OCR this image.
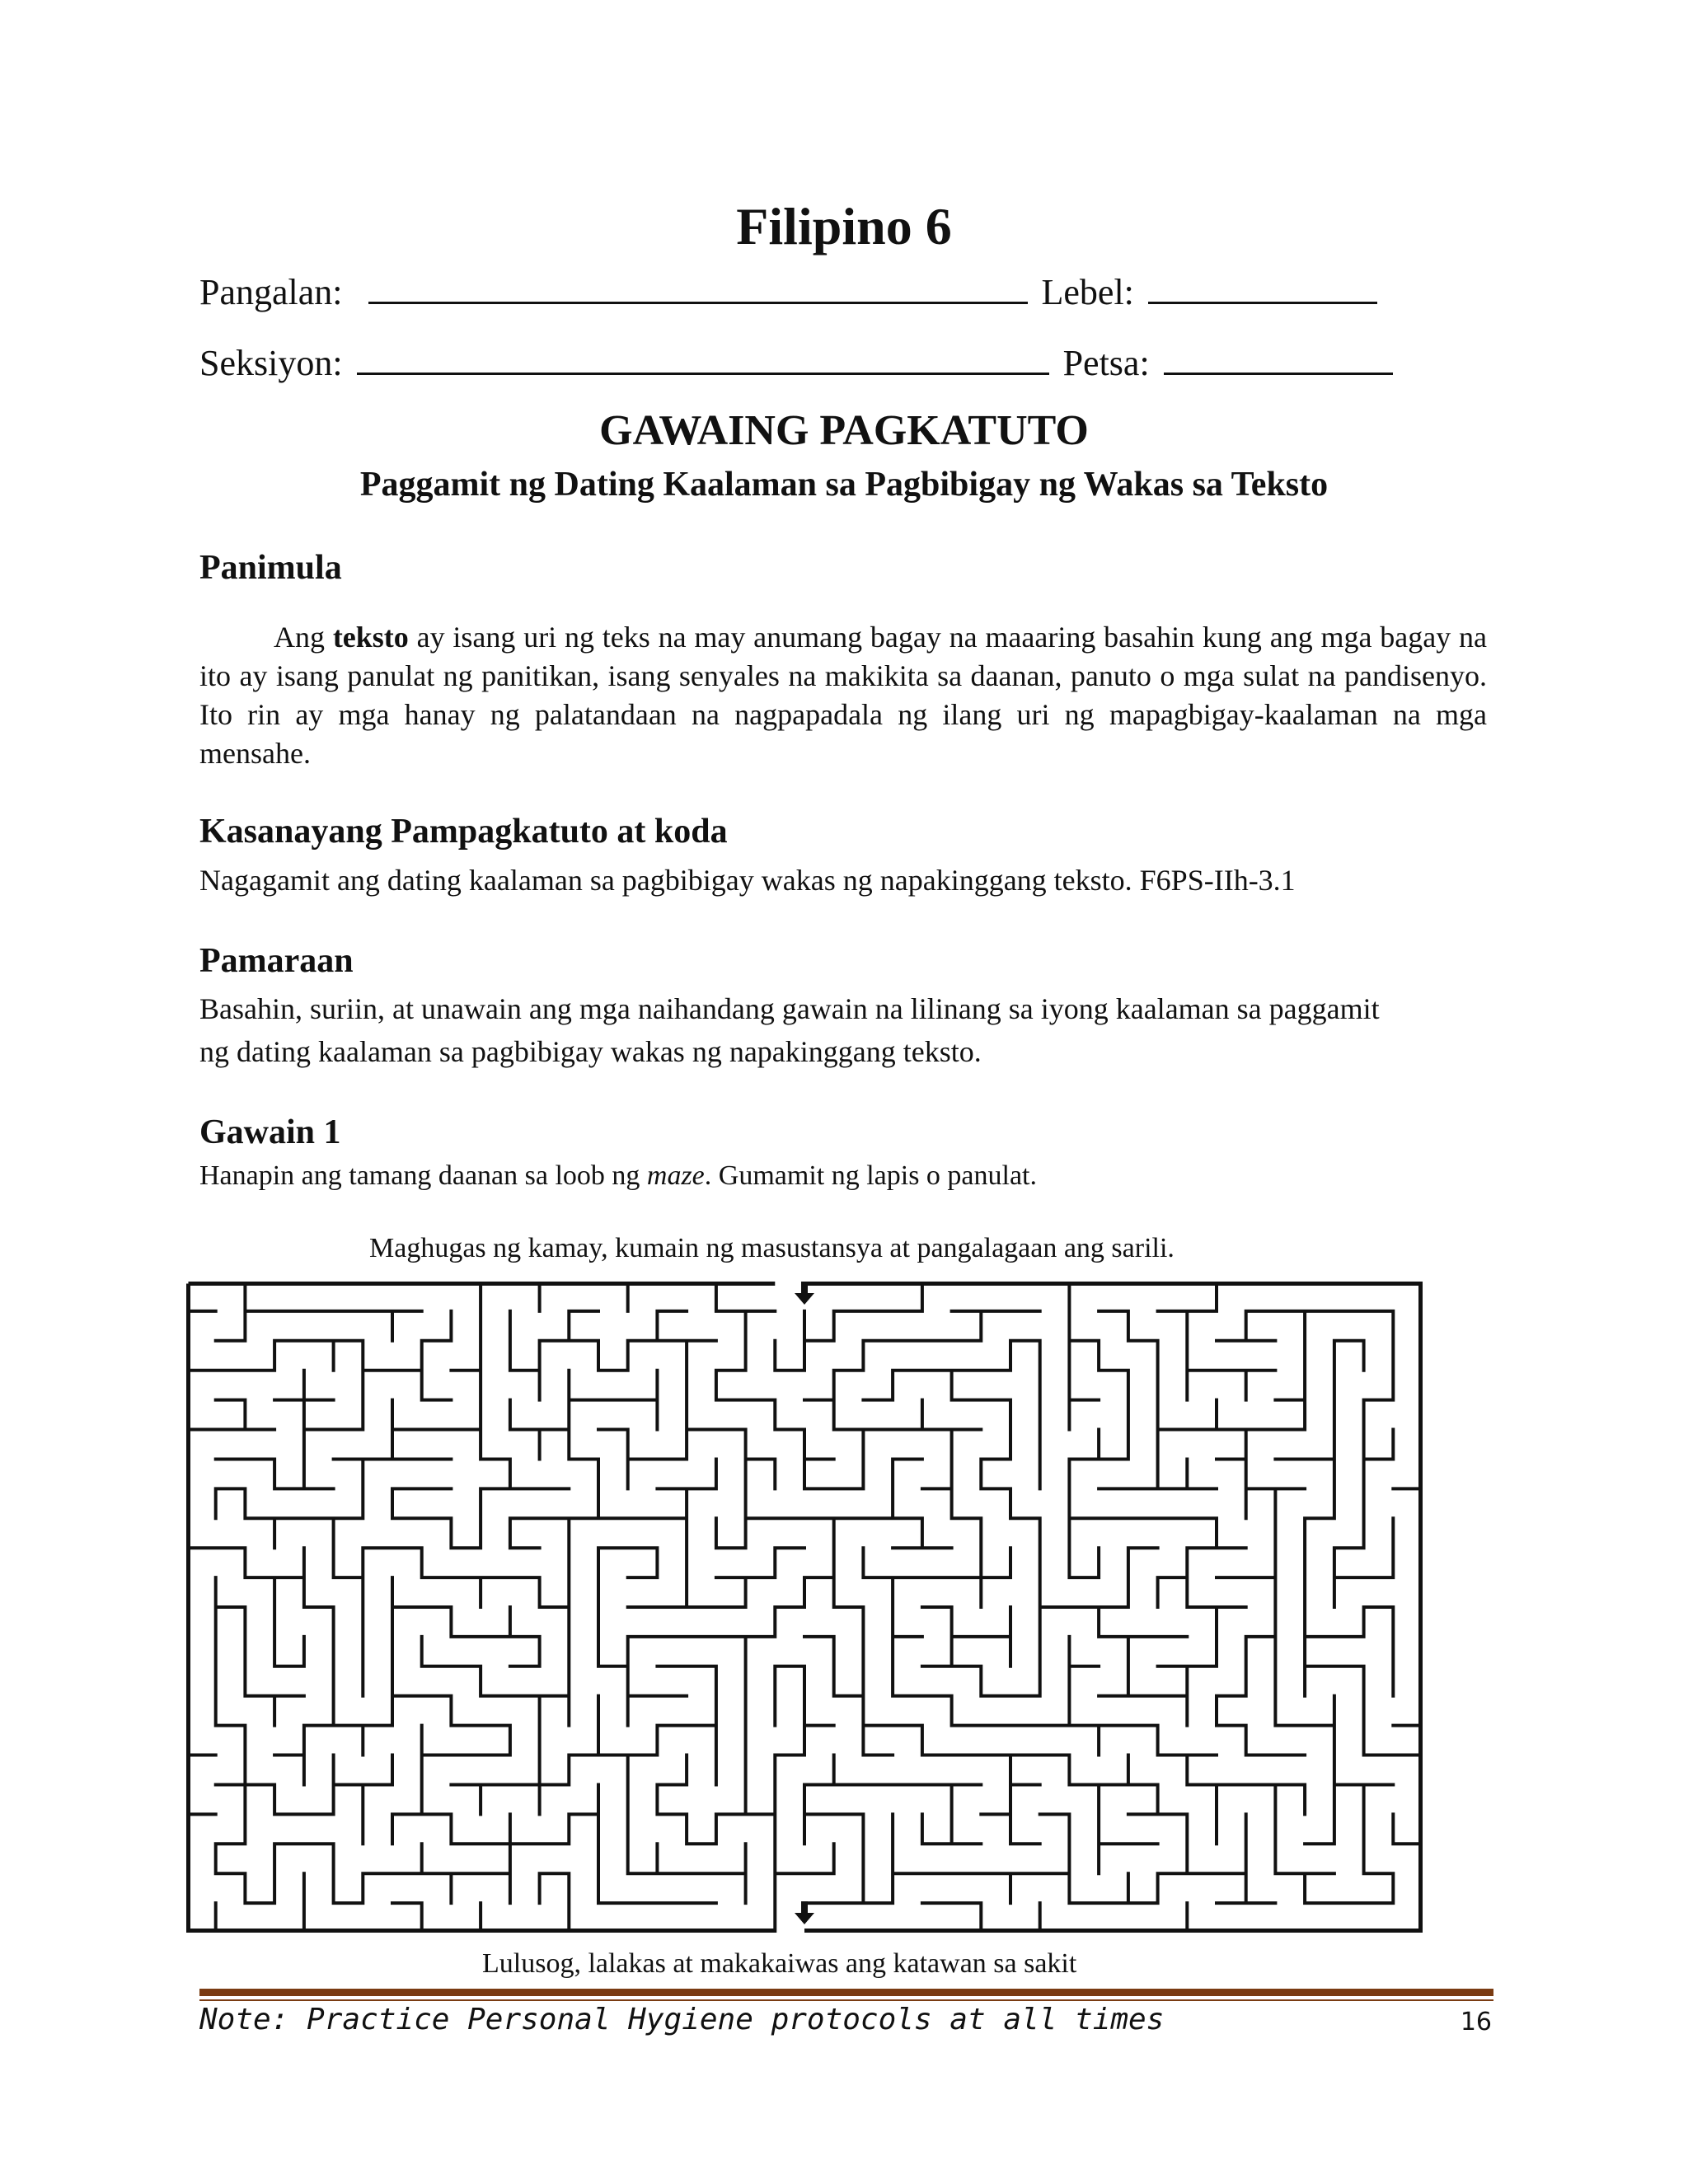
Filipino 6
Pangalan:	Lebel:
Seksiyon:	Petsa:
GAWAING PAGKATUTO
Paggamit ng Dating Kaalaman sa Pagbibigay ng Wakas sa Teksto
Panimula
Ang teksto ay isang uri ng teks na may anumang bagay na maaaring basahin kung ang mga bagay na ito ay isang panulat ng panitikan, isang senyales na makikita sa daanan, panuto o mga sulat na pandisenyo. Ito rin ay mga hanay ng palatandaan na nagpapadala ng ilang uri ng mapagbigay-kaalaman na mga mensahe.
Kasanayang Pampagkatuto at koda
Nagagamit ang dating kaalaman sa pagbibigay wakas ng napakinggang teksto. F6PS-IIh-3.1
Pamaraan
Basahin, suriin, at unawain ang mga naihandang gawain na lilinang sa iyong kaalaman sa paggamit
ng dating kaalaman sa pagbibigay wakas ng napakinggang teksto.
Gawain 1
Hanapin ang tamang daanan sa loob ng maze. Gumamit ng lapis o panulat.
Maghugas ng kamay, kumain ng masustansya at pangalagaan ang sarili.
Lulusog, lalakas at makakaiwas ang katawan sa sakit
Note: Practice Personal Hygiene protocols at all times	16
